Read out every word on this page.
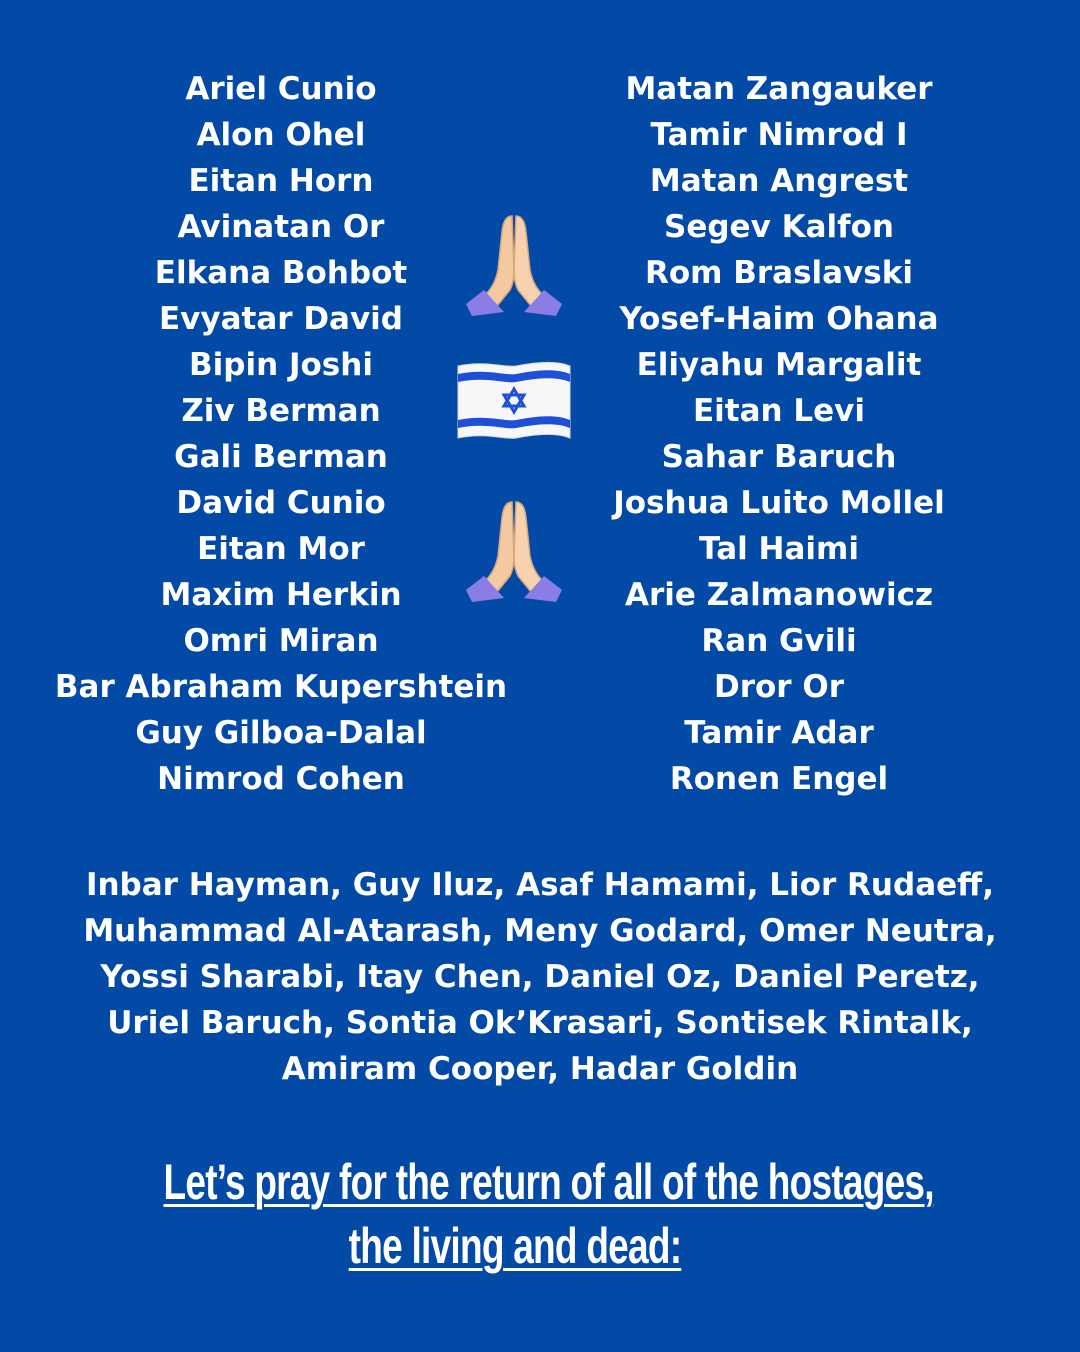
Ariel Cunio
Alon Ohel
Eitan Horn
Avinatan Or
Elkana Bohbot
Evyatar David
Bipin Joshi
Ziv Berman
Gali Berman
David Cunio
Eitan Mor
Maxim Herkin
Omri Miran
Bar Abraham Kupershtein
Guy Gilboa-Dalal
Nimrod Cohen
Matan Zangauker
Tamir Nimrod I
Matan Angrest
Segev Kalfon
Rom Braslavski
Yosef-Haim Ohana
Eliyahu Margalit
Eitan Levi
Sahar Baruch
Joshua Luito Mollel
Tal Haimi
Arie Zalmanowicz
Ran Gvili
Dror Or
Tamir Adar
Ronen Engel

Inbar Hayman, Guy Iluz, Asaf Hamami, Lior Rudaeff,
Muhammad Al-Atarash, Meny Godard, Omer Neutra,
Yossi Sharabi, Itay Chen, Daniel Oz, Daniel Peretz,
Uriel Baruch, Sontia Ok’Krasari, Sontisek Rintalk,
Amiram Cooper, Hadar Goldin

Let’s pray for the return of all of the hostages,
the living and dead:
